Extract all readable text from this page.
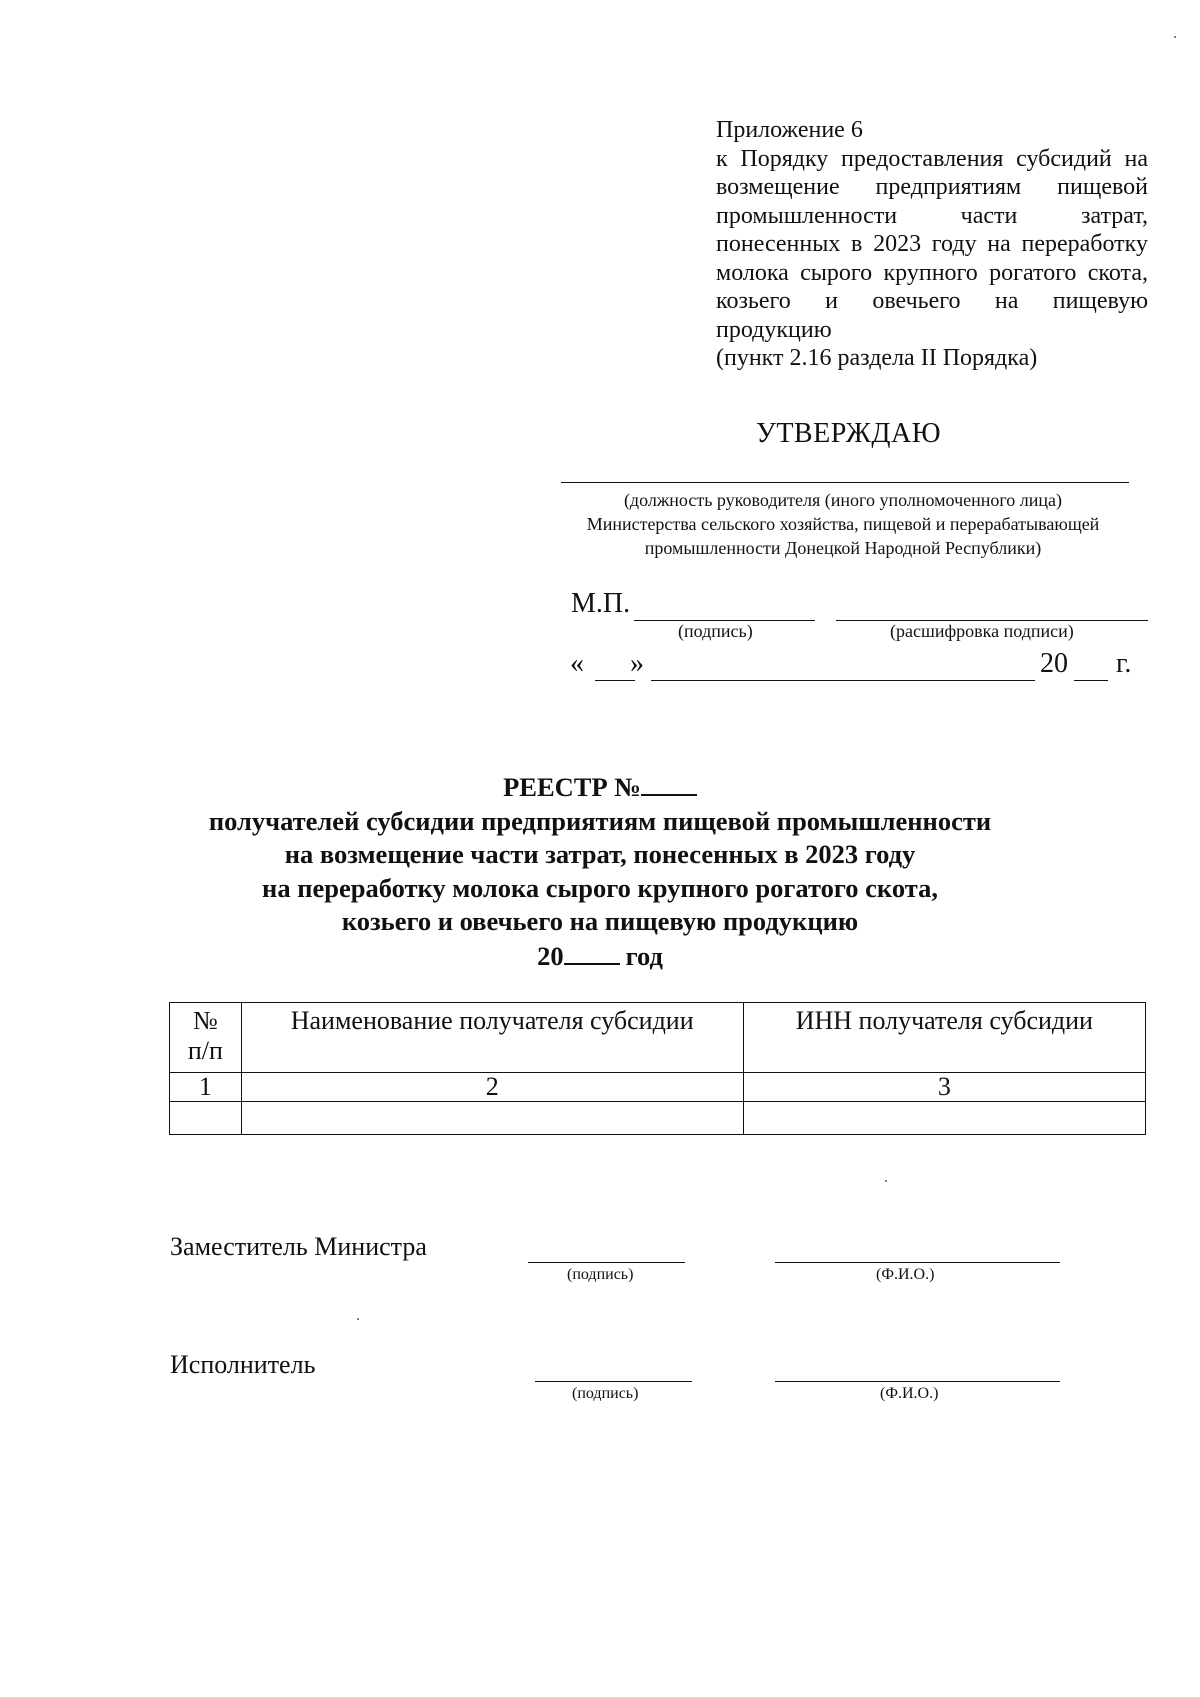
Приложение 6
к Порядку предоставления субсидий на
возмещение предприятиям пищевой
промышленности части затрат,
понесенных в 2023 году на переработку
молока сырого крупного рогатого скота,
козьего и овечьего на пищевую
продукцию
(пункт 2.16 раздела II Порядка)
УТВЕРЖДАЮ
(должность руководителя (иного уполномоченного лица)
Министерства сельского хозяйства, пищевой и перерабатывающей
промышленности Донецкой Народной Республики)
М.П.
(подпись)	(расшифровка подписи)
« »	20 г.
РЕЕСТР №
получателей субсидии предприятиям пищевой промышленности
на возмещение части затрат, понесенных в 2023 году
на переработку молока сырого крупного рогатого скота,
козьего и овечьего на пищевую продукцию
20 год
№
п/п	Наименование получателя субсидии	ИНН получателя субсидии
1	2	3

Заместитель Министра
(подпись)	(Ф.И.О.)
Исполнитель
(подпись)	(Ф.И.О.)
